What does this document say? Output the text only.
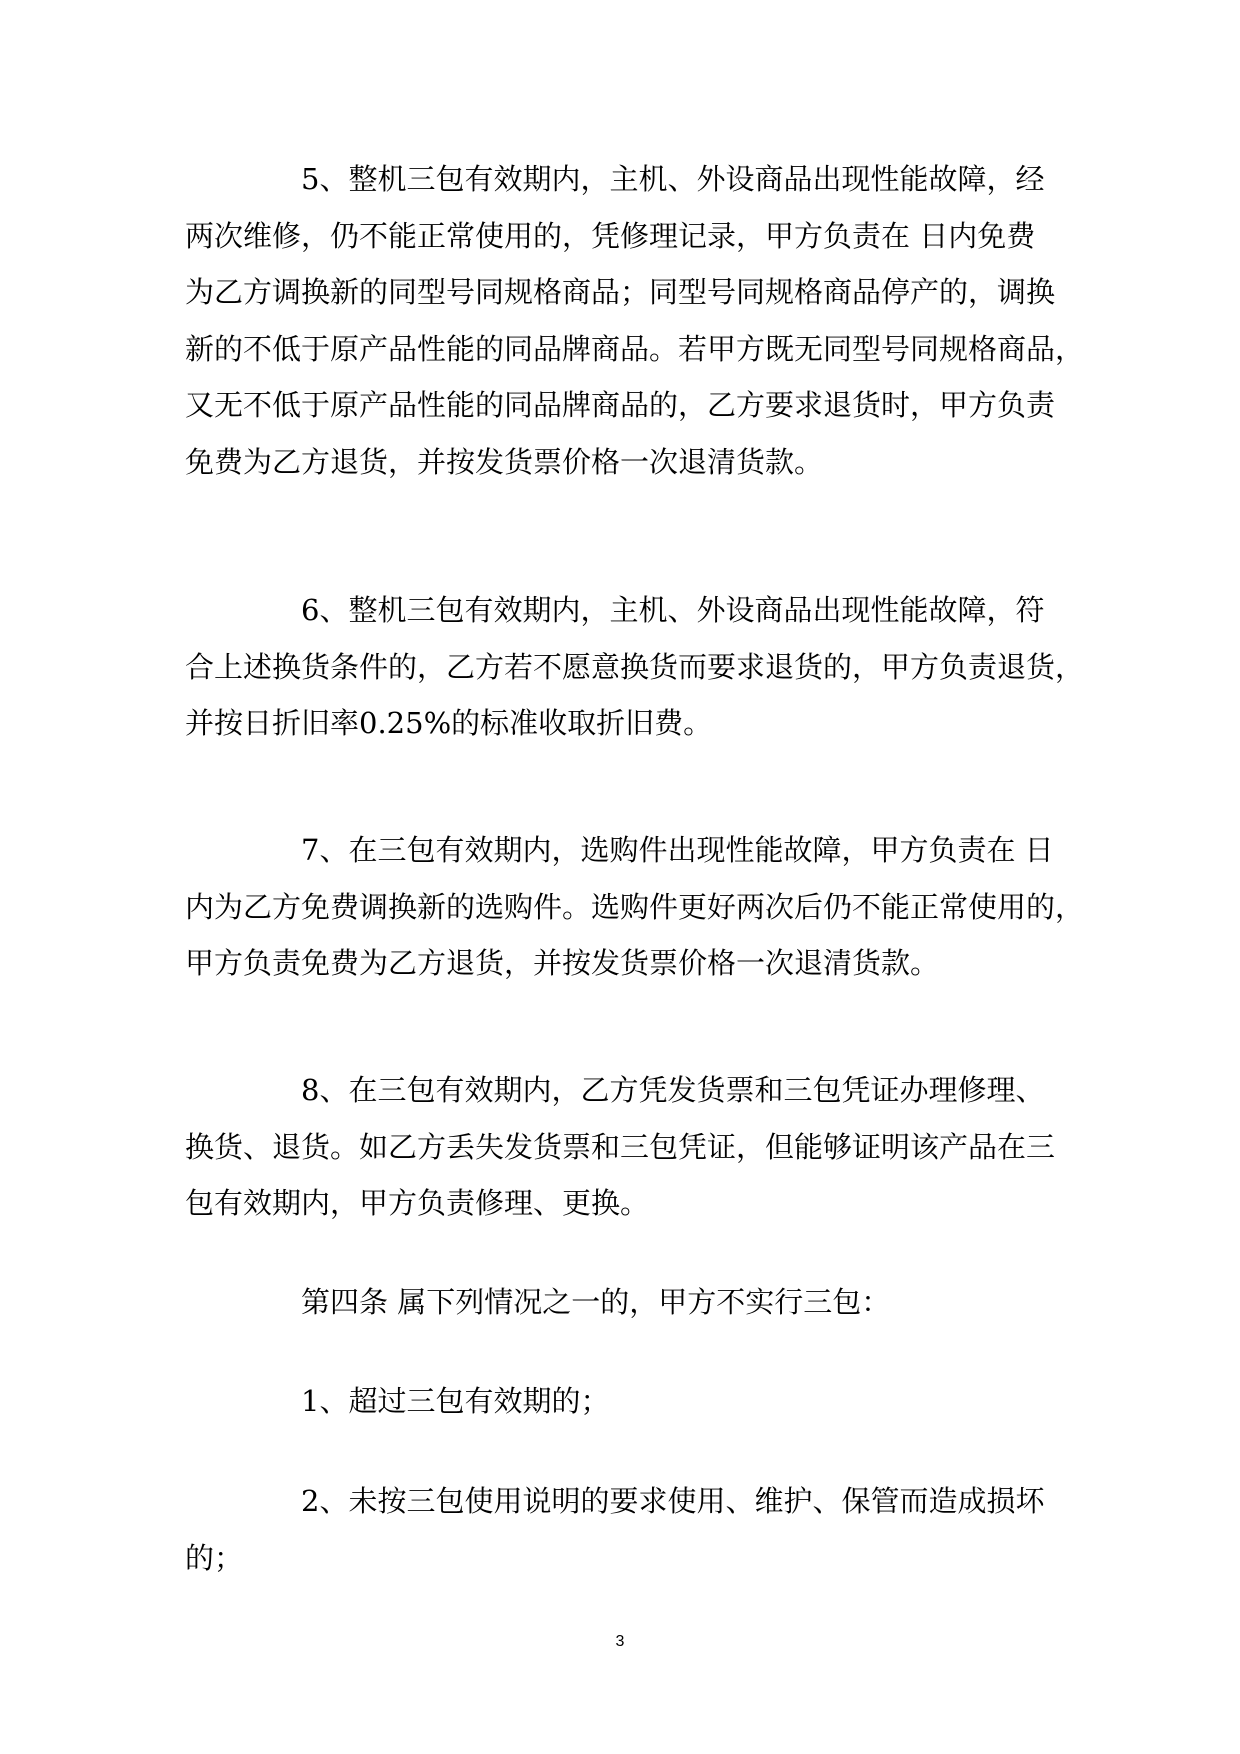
5、整机三包有效期内，主机、外设商品出现性能故障，经
两次维修，仍不能正常使用的，凭修理记录，甲方负责在 日内免费
为乙方调换新的同型号同规格商品；同型号同规格商品停产的，调换
新的不低于原产品性能的同品牌商品。若甲方既无同型号同规格商品，
又无不低于原产品性能的同品牌商品的，乙方要求退货时，甲方负责
免费为乙方退货，并按发货票价格一次退清货款。
6、整机三包有效期内，主机、外设商品出现性能故障，符
合上述换货条件的，乙方若不愿意换货而要求退货的，甲方负责退货，
并按日折旧率0.25%的标准收取折旧费。
7、在三包有效期内，选购件出现性能故障，甲方负责在 日
内为乙方免费调换新的选购件。选购件更好两次后仍不能正常使用的，
甲方负责免费为乙方退货，并按发货票价格一次退清货款。
8、在三包有效期内，乙方凭发货票和三包凭证办理修理、
换货、退货。如乙方丢失发货票和三包凭证，但能够证明该产品在三
包有效期内，甲方负责修理、更换。
第四条 属下列情况之一的，甲方不实行三包：
1、超过三包有效期的；
2、未按三包使用说明的要求使用、维护、保管而造成损坏
的；
3
